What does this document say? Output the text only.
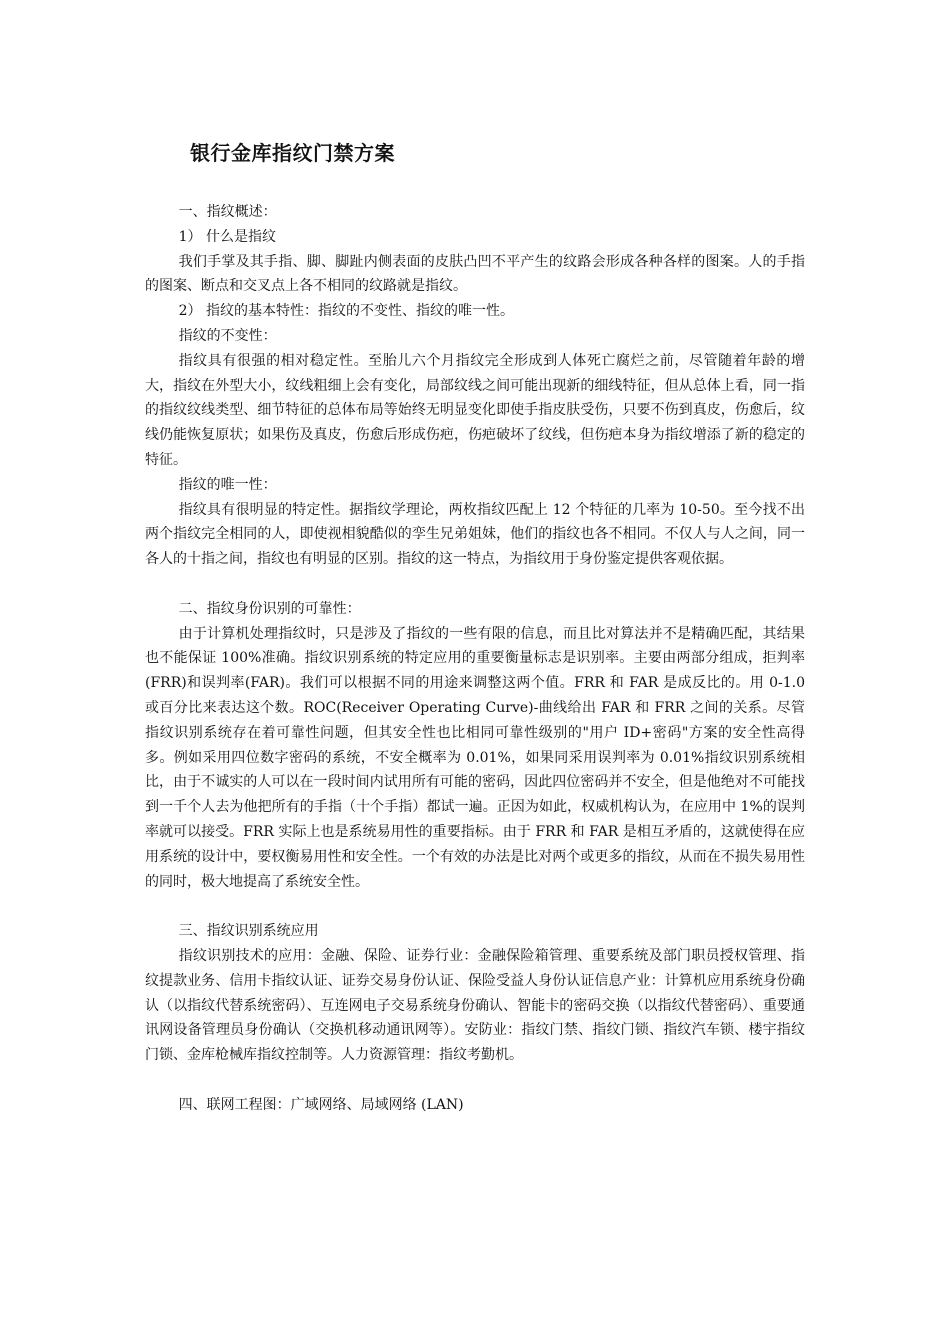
银行金库指纹门禁方案

一、指纹概述：

1） 什么是指纹

我们手掌及其手指、脚、脚趾内侧表面的皮肤凸凹不平产生的纹路会形成各种各样的图案。人的手指的图案、断点和交叉点上各不相同的纹路就是指纹。

2） 指纹的基本特性：指纹的不变性、指纹的唯一性。

指纹的不变性：

指纹具有很强的相对稳定性。至胎儿六个月指纹完全形成到人体死亡腐烂之前，尽管随着年龄的增大，指纹在外型大小，纹线粗细上会有变化，局部纹线之间可能出现新的细线特征，但从总体上看，同一指的指纹纹线类型、细节特征的总体布局等始终无明显变化即使手指皮肤受伤，只要不伤到真皮，伤愈后，纹线仍能恢复原状；如果伤及真皮，伤愈后形成伤疤，伤疤破坏了纹线，但伤疤本身为指纹增添了新的稳定的特征。

指纹的唯一性：

指纹具有很明显的特定性。据指纹学理论，两枚指纹匹配上 12 个特征的几率为 10-50。至今找不出两个指纹完全相同的人，即使视相貌酷似的孪生兄弟姐妹，他们的指纹也各不相同。不仅人与人之间，同一各人的十指之间，指纹也有明显的区别。指纹的这一特点，为指纹用于身份鉴定提供客观依据。

二、指纹身份识别的可靠性：

由于计算机处理指纹时，只是涉及了指纹的一些有限的信息，而且比对算法并不是精确匹配，其结果也不能保证 100%准确。指纹识别系统的特定应用的重要衡量标志是识别率。主要由两部分组成，拒判率(FRR)和误判率(FAR)。我们可以根据不同的用途来调整这两个值。FRR 和 FAR 是成反比的。用 0-1.0 或百分比来表达这个数。ROC(Receiver Operating Curve)-曲线给出 FAR 和 FRR 之间的关系。尽管指纹识别系统存在着可靠性问题，但其安全性也比相同可靠性级别的"用户 ID+密码"方案的安全性高得多。例如采用四位数字密码的系统，不安全概率为 0.01%，如果同采用误判率为 0.01%指纹识别系统相比，由于不诚实的人可以在一段时间内试用所有可能的密码，因此四位密码并不安全，但是他绝对不可能找到一千个人去为他把所有的手指（十个手指）都试一遍。正因为如此，权威机构认为，在应用中 1%的误判率就可以接受。FRR 实际上也是系统易用性的重要指标。由于 FRR 和 FAR 是相互矛盾的，这就使得在应用系统的设计中，要权衡易用性和安全性。一个有效的办法是比对两个或更多的指纹，从而在不损失易用性的同时，极大地提高了系统安全性。

三、指纹识别系统应用

指纹识别技术的应用：金融、保险、证券行业：金融保险箱管理、重要系统及部门职员授权管理、指纹提款业务、信用卡指纹认证、证券交易身份认证、保险受益人身份认证信息产业：计算机应用系统身份确认（以指纹代替系统密码）、互连网电子交易系统身份确认、智能卡的密码交换（以指纹代替密码）、重要通讯网设备管理员身份确认（交换机移动通讯网等）。安防业：指纹门禁、指纹门锁、指纹汽车锁、楼宇指纹门锁、金库枪械库指纹控制等。人力资源管理：指纹考勤机。

四、联网工程图：广域网络、局域网络 (LAN)
